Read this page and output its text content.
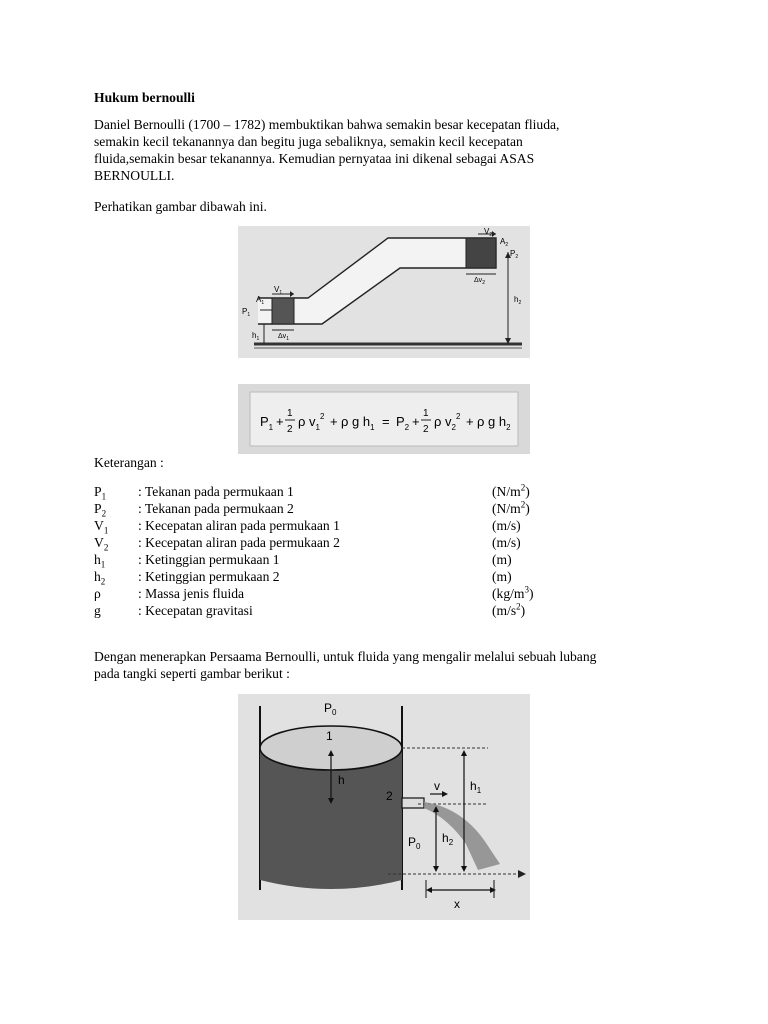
Hukum bernoulli
Daniel Bernoulli (1700 – 1782) membuktikan bahwa semakin besar kecepatan fliuda,
semakin kecil tekanannya dan begitu juga sebaliknya, semakin kecil kecepatan
fluida,semakin besar tekanannya. Kemudian pernyataa ini dikenal sebagai ASAS
BERNOULLI.
Perhatikan gambar dibawah ini.
$A_1$
$P_1$
$h_1$
$V_1$
$\Delta v_1$
$V_2$
$A_2$
$P_2$
$h_2$
$\Delta v_2$
$P_1$ +
1
2
ρ $v_1^2 + \rho$ g $h_1 = P_2$ +
1
2
ρ $v_2^2 + \rho$ g $h_2$
Keterangan :
$P_1$ : Tekanan pada permukaan 1	$(N/m^2)$
$P_2$ : Tekanan pada permukaan 2	$(N/m^2)$
$V_1$ : Kecepatan aliran pada permukaan 1	(m/s)
$V_2$ : Kecepatan aliran pada permukaan 2	(m/s)
$h_1$ : Ketinggian permukaan 1	(m)
$h_2$ : Ketinggian permukaan 2	(m)
ρ	: Massa jenis fluida	$(kg/m^3)$
g	: Kecepatan gravitasi	$(m/s^2)$
Dengan menerapkan Persaama Bernoulli, untuk fluida yang mengalir melalui sebuah lubang
pada tangki seperti gambar berikut :
$P_0$
1
h
2
v
$P_0$
$h_1$
$h_2$
x
